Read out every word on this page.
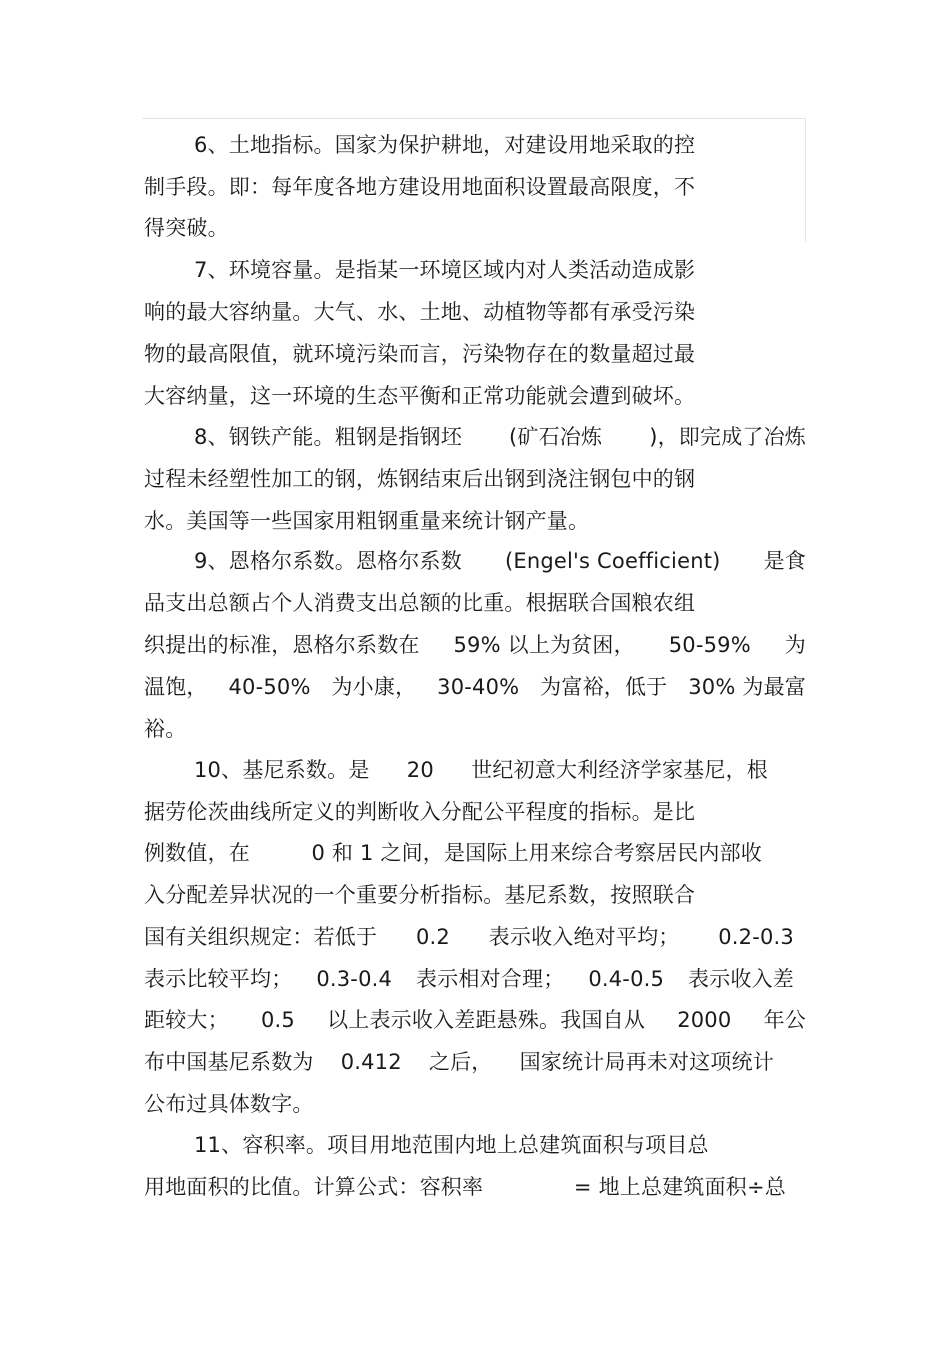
6、土地指标。国家为保护耕地，对建设用地采取的控
制手段。即：每年度各地方建设用地面积设置最高限度，不
得突破。
7、环境容量。是指某一环境区域内对人类活动造成影
响的最大容纳量。大气、水、土地、动植物等都有承受污染
物的最高限值，就环境污染而言，污染物存在的数量超过最
大容纳量，这一环境的生态平衡和正常功能就会遭到破坏。
8、钢铁产能。粗钢是指钢坯 (矿石冶炼 )，即完成了冶炼
过程未经塑性加工的钢，炼钢结束后出钢到浇注钢包中的钢
水。美国等一些国家用粗钢重量来统计钢产量。
9、恩格尔系数。恩格尔系数 (Engel's Coefficient) 是食
品支出总额占个人消费支出总额的比重。根据联合国粮农组
织提出的标准，恩格尔系数在 59% 以上为贫困， 50-59% 为
温饱， 40-50% 为小康， 30-40% 为富裕，低于 30% 为最富
裕。
10、基尼系数。是 20 世纪初意大利经济学家基尼，根
据劳伦茨曲线所定义的判断收入分配公平程度的指标。是比
例数值，在	0 和 1 之间，是国际上用来综合考察居民内部收
入分配差异状况的一个重要分析指标。基尼系数，按照联合
国有关组织规定：若低于 0.2 表示收入绝对平均； 0.2-0.3
表示比较平均； 0.3-0.4 表示相对合理； 0.4-0.5 表示收入差
距较大； 0.5 以上表示收入差距悬殊。我国自从 2000 年公
布中国基尼系数为 0.412 之后， 国家统计局再未对这项统计
公布过具体数字。
11、容积率。项目用地范围内地上总建筑面积与项目总
用地面积的比值。计算公式：容积率	= 地上总建筑面积÷总
